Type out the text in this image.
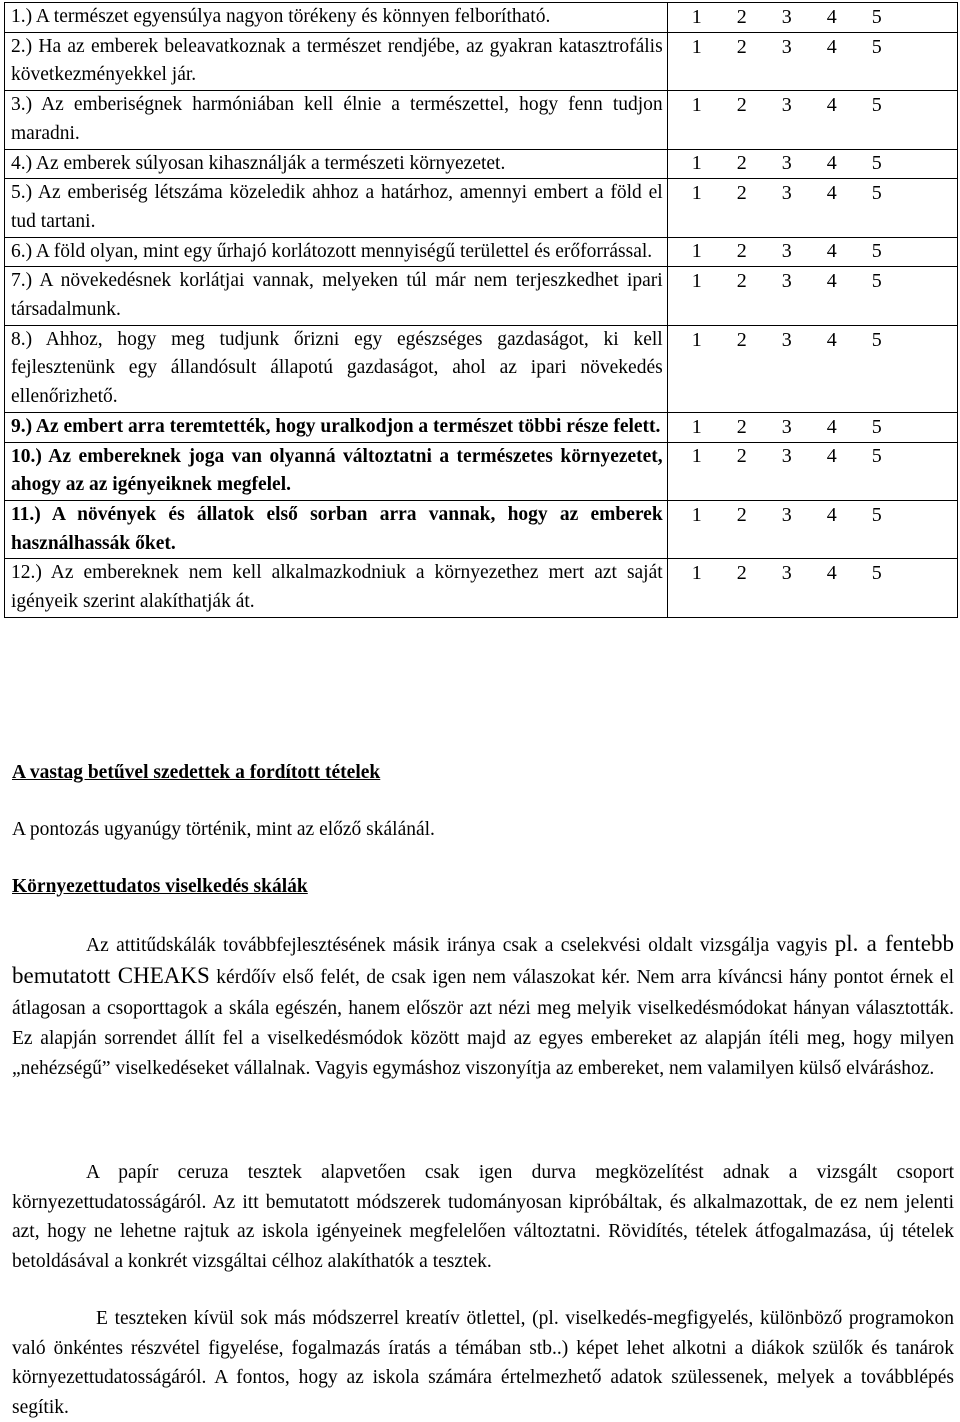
1.) A természet egyensúlya nagyon törékeny és könnyen felborítható.	1 2 3 4 5

2.) Ha az emberek beleavatkoznak a természet rendjébe, az gyakran katasztrofális következményekkel jár.	1 2 3 4 5

3.) Az emberiségnek harmóniában kell élnie a természettel, hogy fenn tudjon maradni.	1 2 3 4 5

4.) Az emberek súlyosan kihasználják a természeti környezetet.	1 2 3 4 5

5.) Az emberiség létszáma közeledik ahhoz a határhoz, amennyi embert a föld el tud tartani.	1 2 3 4 5

6.) A föld olyan, mint egy űrhajó korlátozott mennyiségű területtel és erőforrással.	1 2 3 4 5

7.) A növekedésnek korlátjai vannak, melyeken túl már nem terjeszkedhet ipari társadalmunk.	1 2 3 4 5

8.) Ahhoz, hogy meg tudjunk őrizni egy egészséges gazdaságot, ki kell fejlesztenünk egy állandósult állapotú gazdaságot, ahol az ipari növekedés ellenőrizhető.	1 2 3 4 5

9.) Az embert arra teremtették, hogy uralkodjon a természet többi része felett.	1 2 3 4 5

10.) Az embereknek joga van olyanná változtatni a természetes környezetet, ahogy az az igényeiknek megfelel.	1 2 3 4 5

11.) A növények és állatok első sorban arra vannak, hogy az emberek használhassák őket.	1 2 3 4 5

12.) Az embereknek nem kell alkalmazkodniuk a környezethez mert azt saját igényeik szerint alakíthatják át.	1 2 3 4 5
A vastag betűvel szedettek a fordított tételek
A pontozás ugyanúgy történik, mint az előző skálánál.
Környezettudatos viselkedés skálák

Az attitűdskálák továbbfejlesztésének másik iránya csak a cselekvési oldalt vizsgálja vagyis pl. a fentebb bemutatott CHEAKS kérdőív első felét, de csak igen nem válaszokat kér. Nem arra kíváncsi hány pontot érnek el átlagosan a csoporttagok a skála egészén, hanem először azt nézi meg melyik viselkedésmódokat hányan választották. Ez alapján sorrendet állít fel a viselkedésmódok között majd az egyes embereket az alapján ítéli meg, hogy milyen „nehézségű” viselkedéseket vállalnak. Vagyis egymáshoz viszonyítja az embereket, nem valamilyen külső elváráshoz.

A papír ceruza tesztek alapvetően csak igen durva megközelítést adnak a vizsgált csoport környezettudatosságáról. Az itt bemutatott módszerek tudományosan kipróbáltak, és alkalmazottak, de ez nem jelenti azt, hogy ne lehetne rajtuk az iskola igényeinek megfelelően változtatni. Rövidítés, tételek átfogalmazása, új tételek betoldásával a konkrét vizsgáltai célhoz alakíthatók a tesztek.

E teszteken kívül sok más módszerrel kreatív ötlettel, (pl. viselkedés-megfigyelés, különböző programokon való önkéntes részvétel figyelése, fogalmazás íratás a témában stb..) képet lehet alkotni a diákok szülők és tanárok környezettudatosságáról. A fontos, hogy az iskola számára értelmezhető adatok szülessenek, melyek a továbblépés segítik.
